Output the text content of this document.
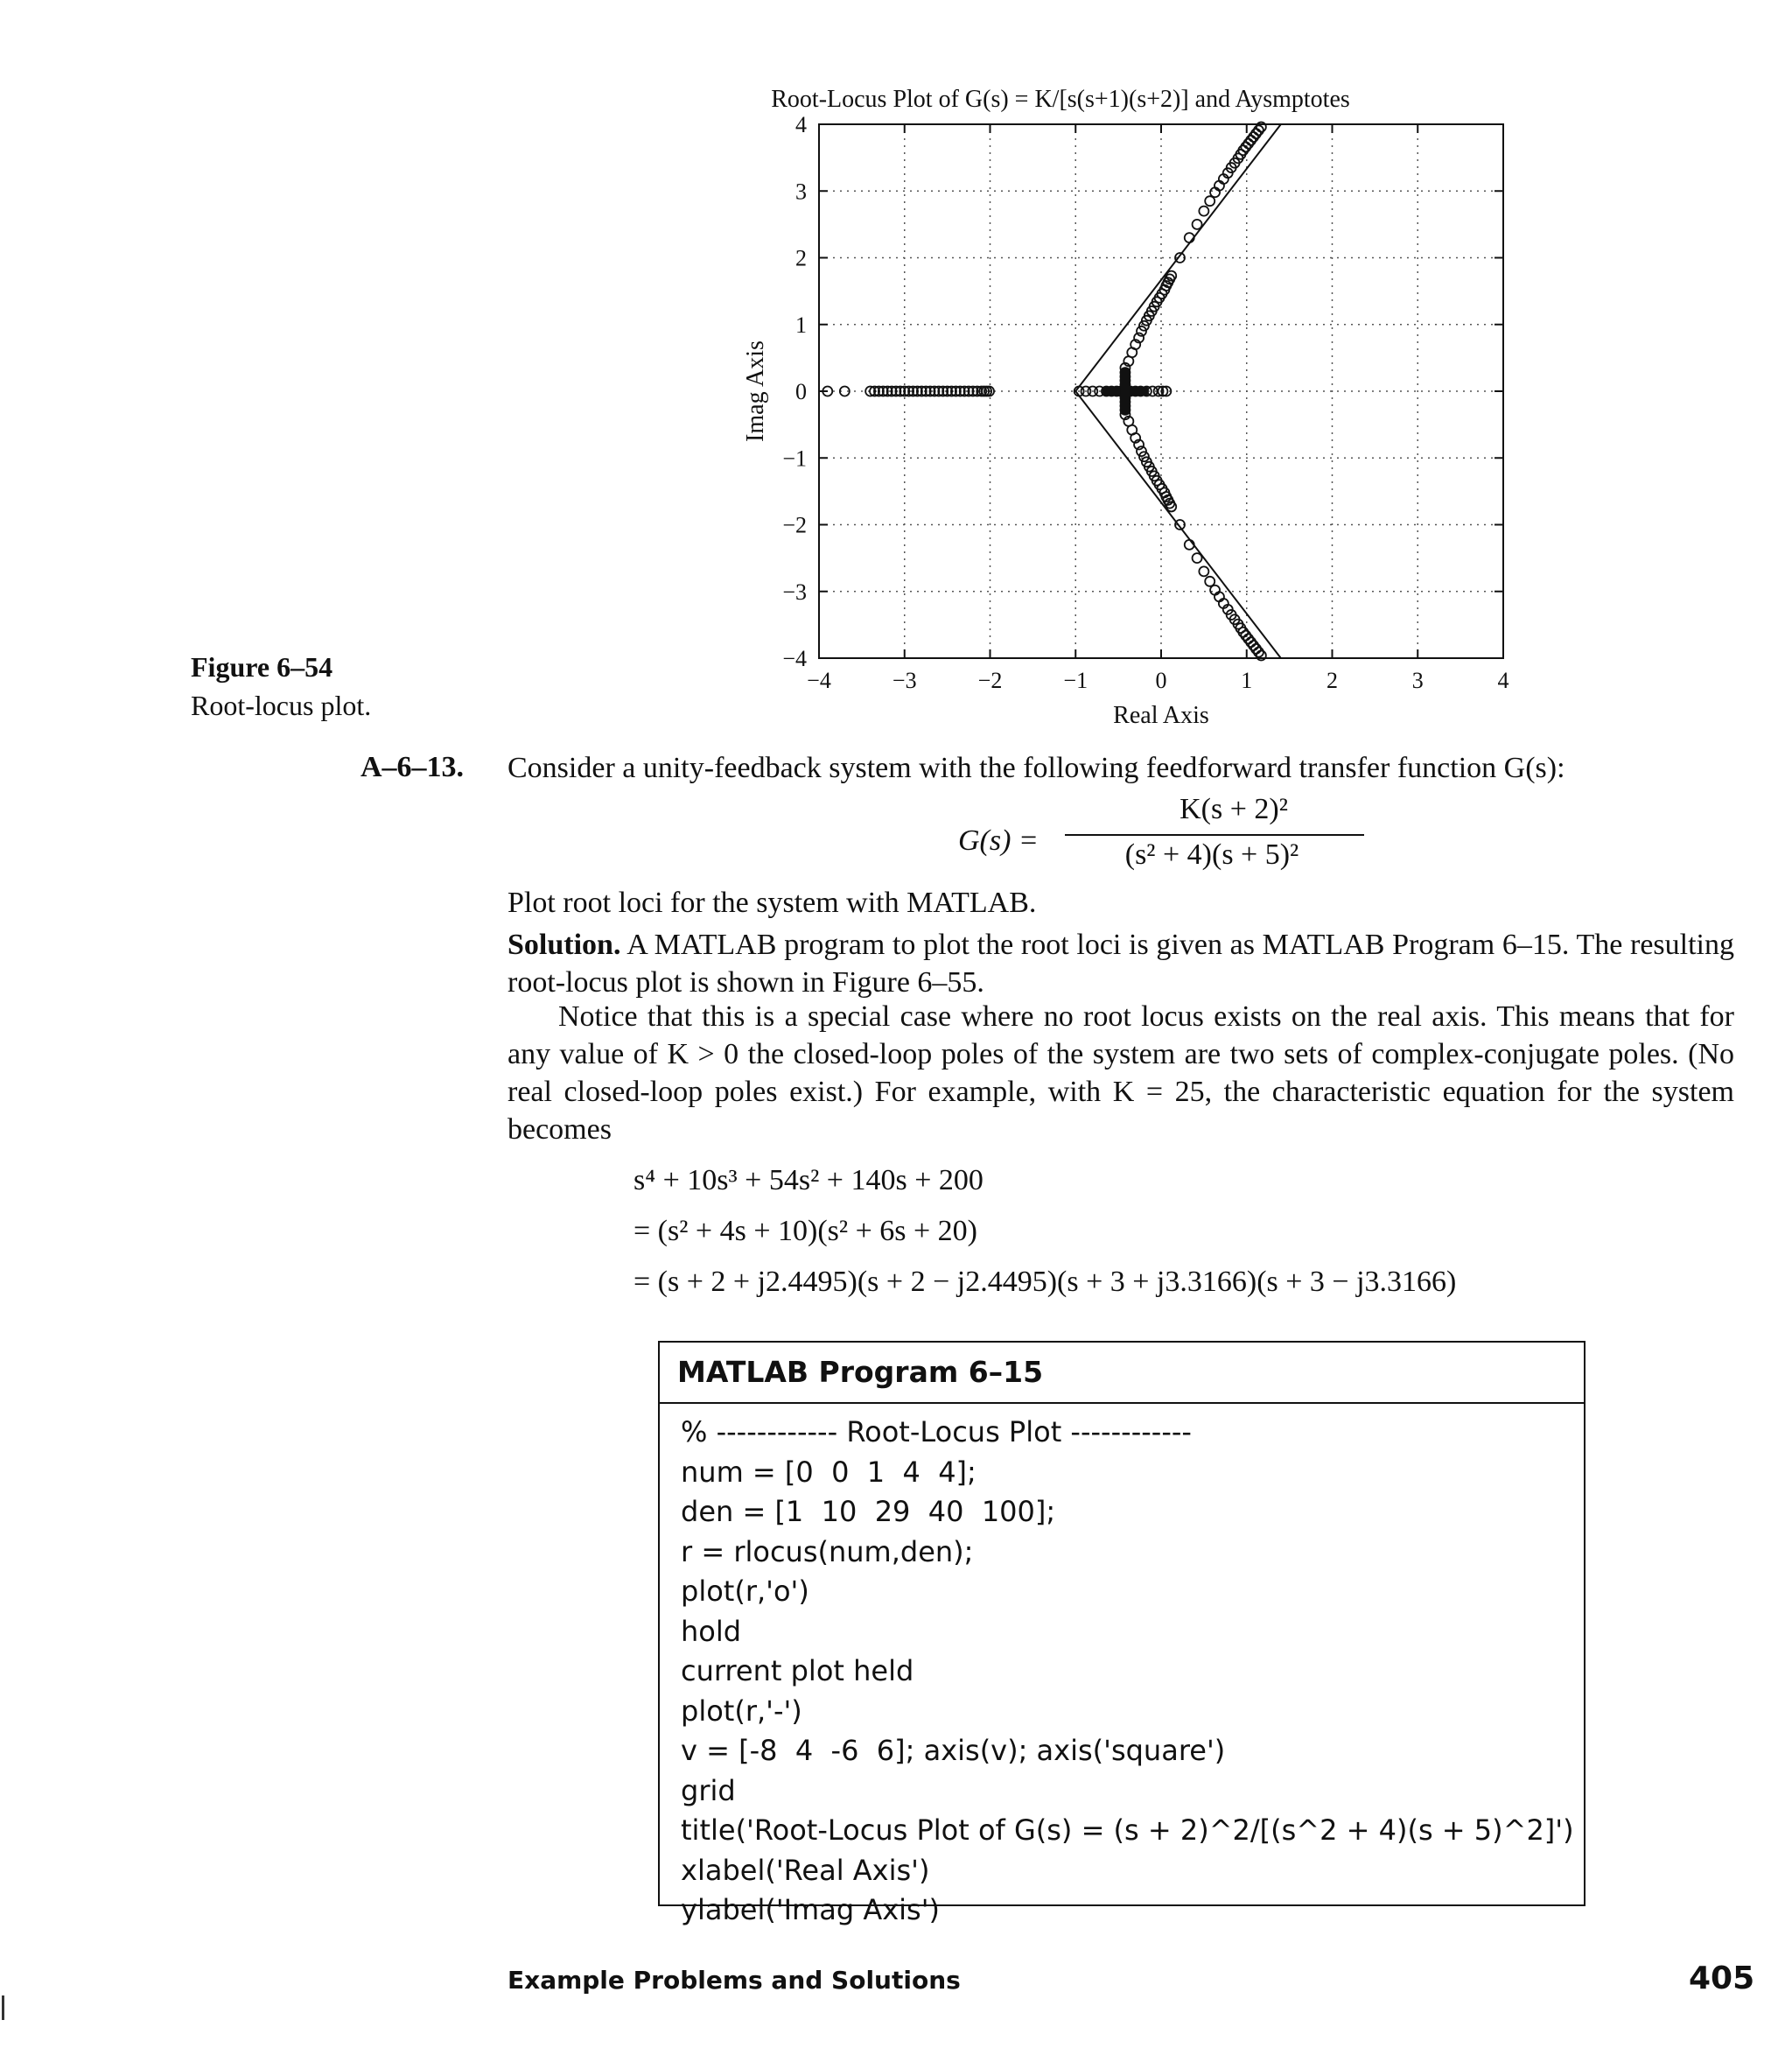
Root-Locus Plot of G(s) = K/[s(s+1)(s+2)] and Aysmptotes
−4	−3	−2	−1	0	1	2	3	4
−4
−3
−2
−1
0
1
2
3
4
Real Axis
Imag Axis
Figure 6–54
Root-locus plot.
A–6–13. Consider a unity-feedback system with the following feedforward transfer function G(s):
G(s) =
K(s + 2)²
(s² + 4)(s + 5)²
Plot root loci for the system with MATLAB.
Solution. A MATLAB program to plot the root loci is given as MATLAB Program 6–15. The resulting root-locus plot is shown in Figure 6–55.
Notice that this is a special case where no root locus exists on the real axis. This means that for any value of K > 0 the closed-loop poles of the system are two sets of complex-conjugate poles. (No real closed-loop poles exist.) For example, with K = 25, the characteristic equation for the system becomes
s⁴ + 10s³ + 54s² + 140s + 200
= (s² + 4s + 10)(s² + 6s + 20)
= (s + 2 + j2.4495)(s + 2 − j2.4495)(s + 3 + j3.3166)(s + 3 − j3.3166)
MATLAB Program 6–15
% ------------ Root-Locus Plot ------------
num = [0  0  1  4  4];
den = [1  10  29  40  100];
r = rlocus(num,den);
plot(r,'o')
hold
current plot held
plot(r,'-')
v = [-8  4  -6  6]; axis(v); axis('square')
grid
title('Root-Locus Plot of G(s) = (s + 2)^2/[(s^2 + 4)(s + 5)^2]')
xlabel('Real Axis')
ylabel('Imag Axis')
Example Problems and Solutions	405
